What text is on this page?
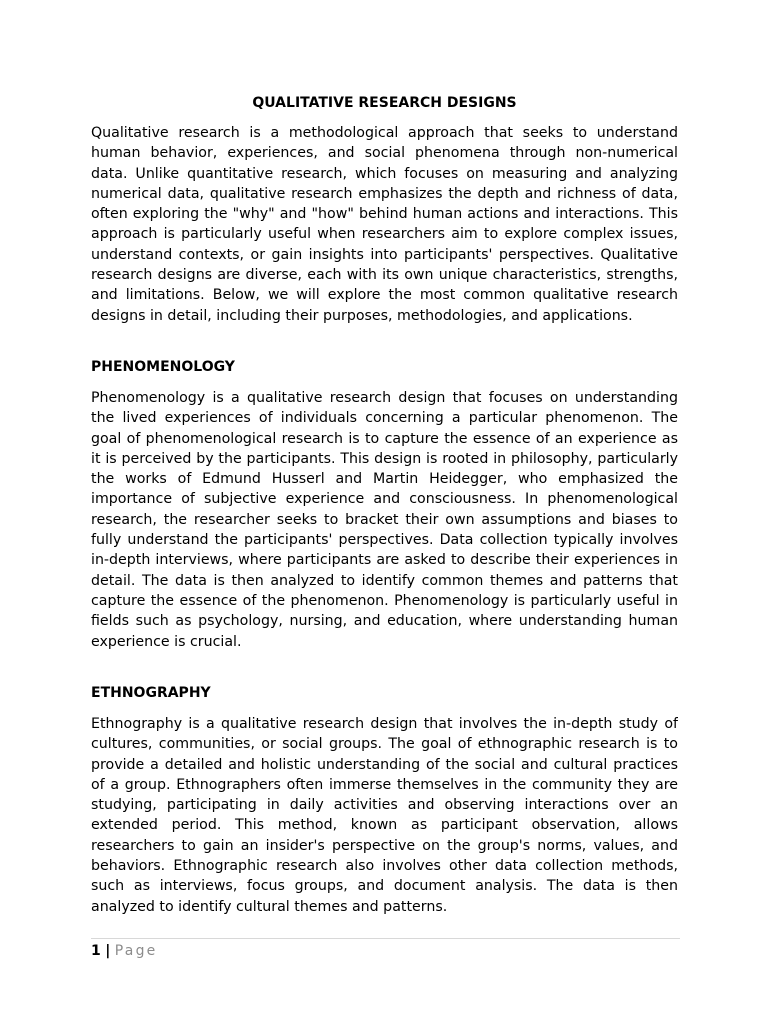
QUALITATIVE RESEARCH DESIGNS

Qualitative research is a methodological approach that seeks to understand human behavior, experiences, and social phenomena through non-numerical data. Unlike quantitative research, which focuses on measuring and analyzing numerical data, qualitative research emphasizes the depth and richness of data, often exploring the "why" and "how" behind human actions and interactions. This approach is particularly useful when researchers aim to explore complex issues, understand contexts, or gain insights into participants' perspectives. Qualitative research designs are diverse, each with its own unique characteristics, strengths, and limitations. Below, we will explore the most common qualitative research designs in detail, including their purposes, methodologies, and applications.

PHENOMENOLOGY

Phenomenology is a qualitative research design that focuses on understanding the lived experiences of individuals concerning a particular phenomenon. The goal of phenomenological research is to capture the essence of an experience as it is perceived by the participants. This design is rooted in philosophy, particularly the works of Edmund Husserl and Martin Heidegger, who emphasized the importance of subjective experience and consciousness. In phenomenological research, the researcher seeks to bracket their own assumptions and biases to fully understand the participants' perspectives. Data collection typically involves in-depth interviews, where participants are asked to describe their experiences in detail. The data is then analyzed to identify common themes and patterns that capture the essence of the phenomenon. Phenomenology is particularly useful in fields such as psychology, nursing, and education, where understanding human experience is crucial.

ETHNOGRAPHY

Ethnography is a qualitative research design that involves the in-depth study of cultures, communities, or social groups. The goal of ethnographic research is to provide a detailed and holistic understanding of the social and cultural practices of a group. Ethnographers often immerse themselves in the community they are studying, participating in daily activities and observing interactions over an extended period. This method, known as participant observation, allows researchers to gain an insider's perspective on the group's norms, values, and behaviors. Ethnographic research also involves other data collection methods, such as interviews, focus groups, and document analysis. The data is then analyzed to identify cultural themes and patterns.

1 | Page
